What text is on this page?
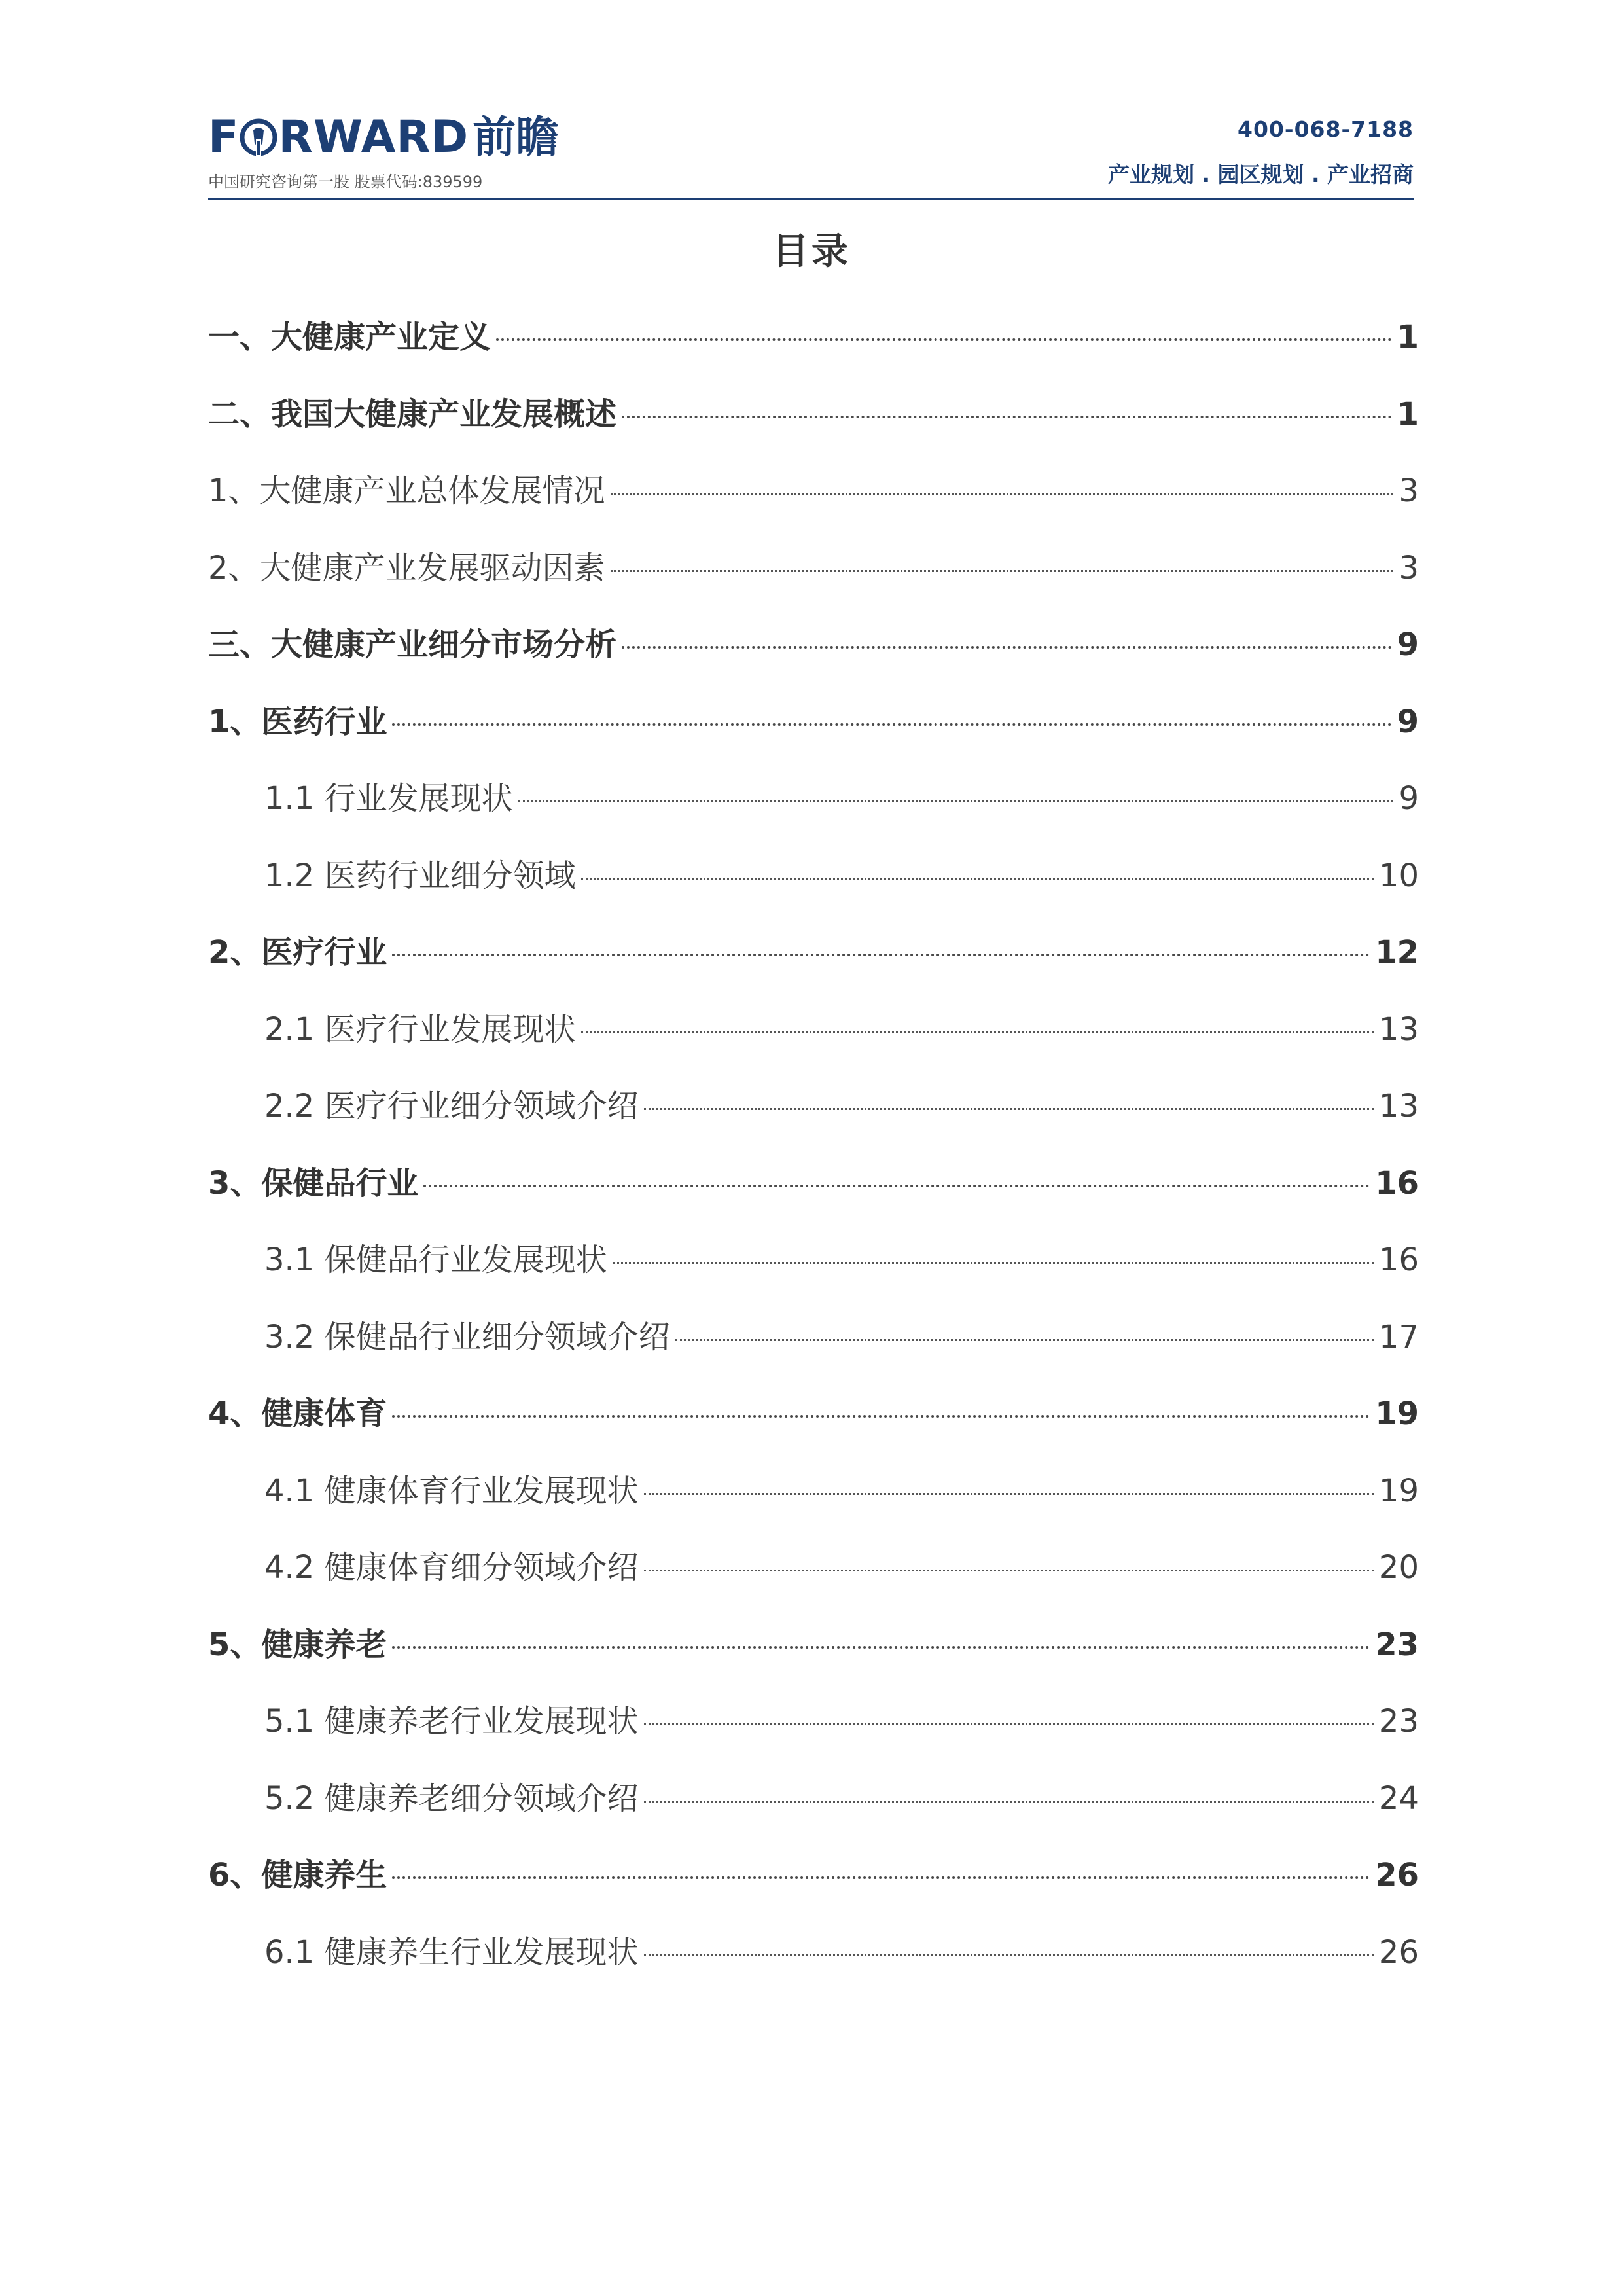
F RWARD 前瞻
中国研究咨询第一股 股票代码:839599
400-068-7188
产业规划 . 园区规划 . 产业招商
目录
一、大健康产业定义	1
二、我国大健康产业发展概述	1
1、大健康产业总体发展情况	3
2、大健康产业发展驱动因素	3
三、大健康产业细分市场分析	9
1、医药行业	9
1.1 行业发展现状	9
1.2 医药行业细分领域	10
2、医疗行业	12
2.1 医疗行业发展现状	13
2.2 医疗行业细分领域介绍	13
3、保健品行业	16
3.1 保健品行业发展现状	16
3.2 保健品行业细分领域介绍	17
4、健康体育	19
4.1 健康体育行业发展现状	19
4.2 健康体育细分领域介绍	20
5、健康养老	23
5.1 健康养老行业发展现状	23
5.2 健康养老细分领域介绍	24
6、健康养生	26
6.1 健康养生行业发展现状	26
